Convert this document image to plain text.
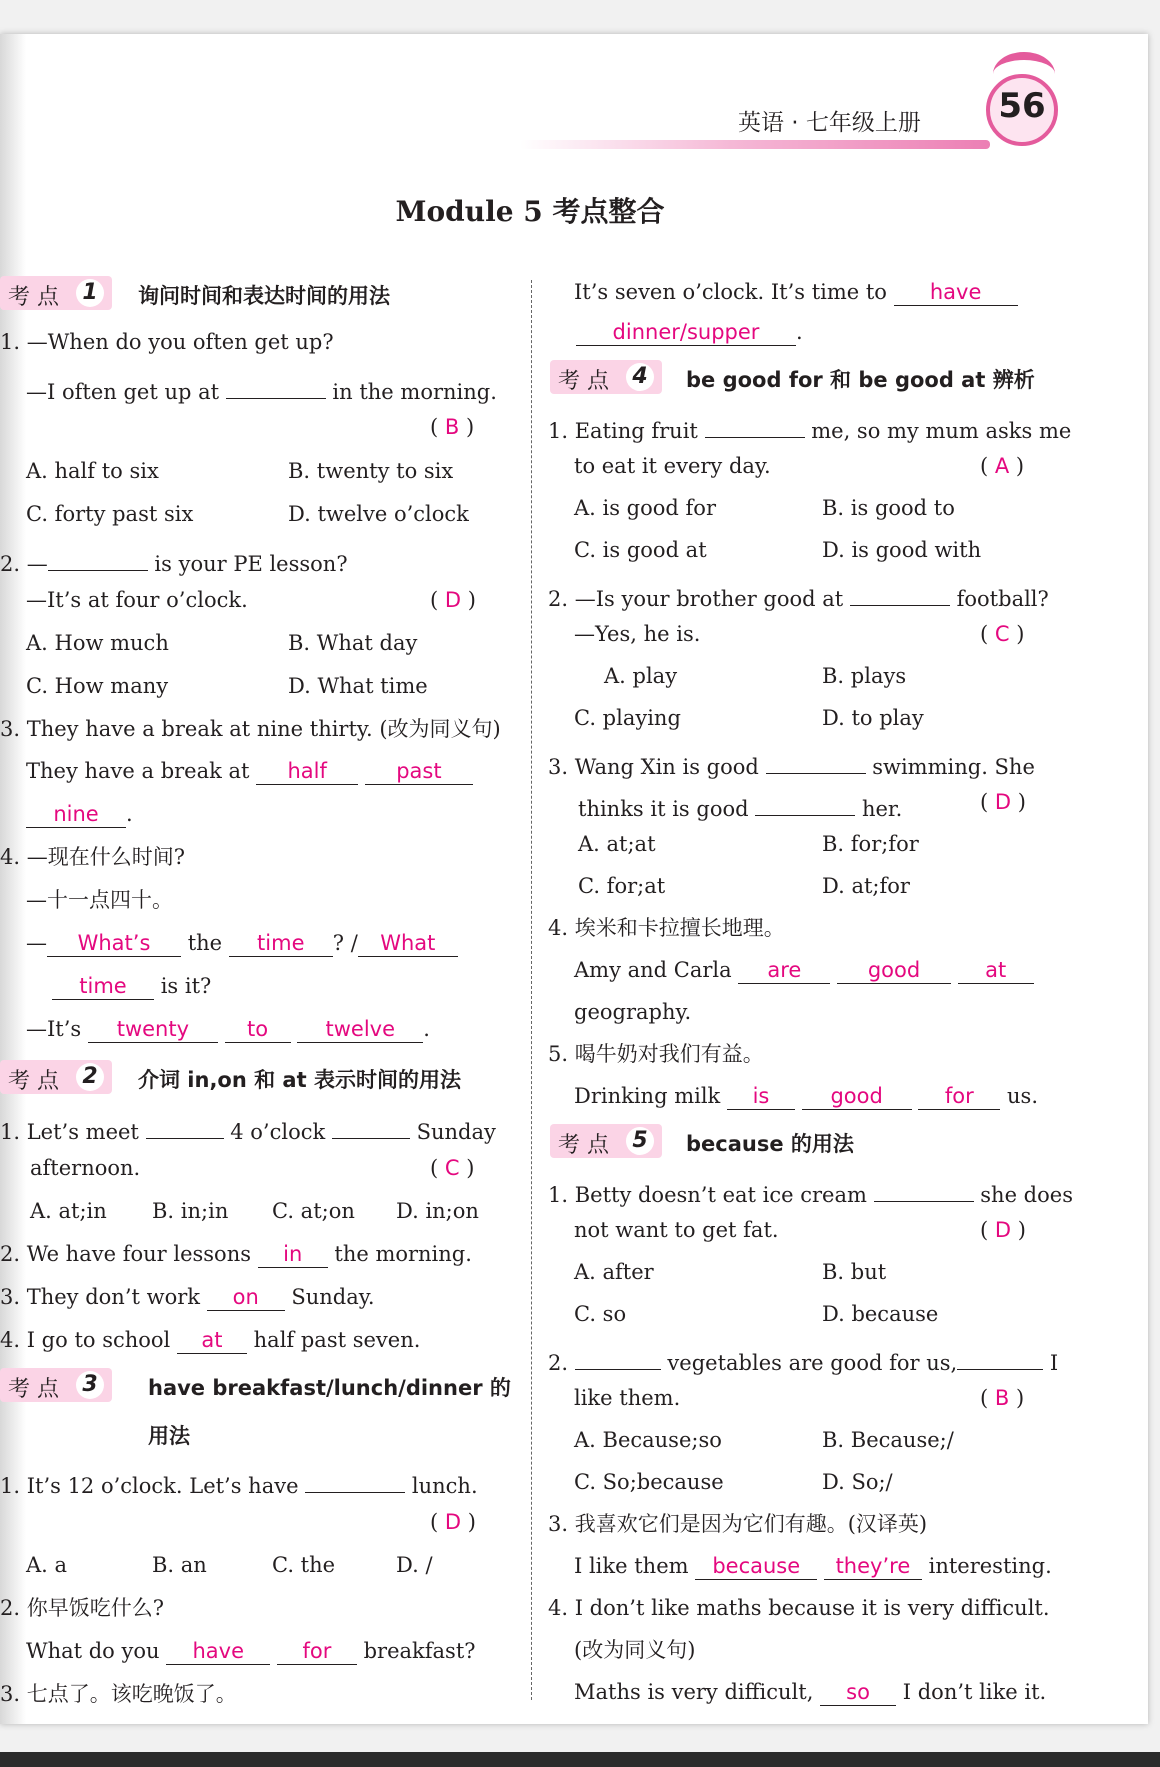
英语 · 七年级上册	56
Module 5 考点整合
考 点 1	询问时间和表达时间的用法
1. —When do you often get up?
—I often get up at	in the morning.
( B )
A. half to six	B. twenty to six
C. forty past six	D. twelve o’clock
2. —	is your PE lesson?
—It’s at four o’clock.	( D )
A. How much	B. What day
C. How many	D. What time
3. They have a break at nine thirty. (改为同义句)
They have a break at half	past
nine .
4. —现在什么时间?
—十一点四十。
— What’s the time ? / What
time is it?
—It’s twenty	to	twelve .
考 点 2	介词 in,on 和 at 表示时间的用法
1. Let’s meet	4 o’clock	Sunday
afternoon.	( C )
A. at;in B. in;in C. at;on D. in;on
2. We have four lessons in the morning.
3. They don’t work on Sunday.
4. I go to school at half past seven.
考 点 3	have breakfast/lunch/dinner 的
用法
1. It’s 12 o’clock. Let’s have	lunch.
( D )
A. a	B. an	C. the	D. /
2. 你早饭吃什么?
What do you have	for breakfast?
3. 七点了。该吃晚饭了。
It’s seven o’clock. It’s time to have
dinner/supper .
考 点 4	be good for 和 be good at 辨析
1. Eating fruit	me, so my mum asks me
to eat it every day.	( A )
A. is good for	B. is good to
C. is good at	D. is good with
2. —Is your brother good at	football?
—Yes, he is.	( C )
A. play	B. plays
C. playing	D. to play
3. Wang Xin is good	swimming. She
thinks it is good	her.	( D )
A. at;at	B. for;for
C. for;at	D. at;for
4. 埃米和卡拉擅长地理。
Amy and Carla are	good	at
geography.
5. 喝牛奶对我们有益。
Drinking milk is	good	for us.
考 点 5	because 的用法
1. Betty doesn’t eat ice cream	she does
not want to get fat.	( D )
A. after	B. but
C. so	D. because
2.	vegetables are good for us,	I
like them.	( B )
A. Because;so	B. Because;/
C. So;because	D. So;/
3. 我喜欢它们是因为它们有趣。(汉译英)
I like them because they’re interesting.
4. I don’t like maths because it is very difficult.
(改为同义句)
Maths is very difficult, so I don’t like it.
